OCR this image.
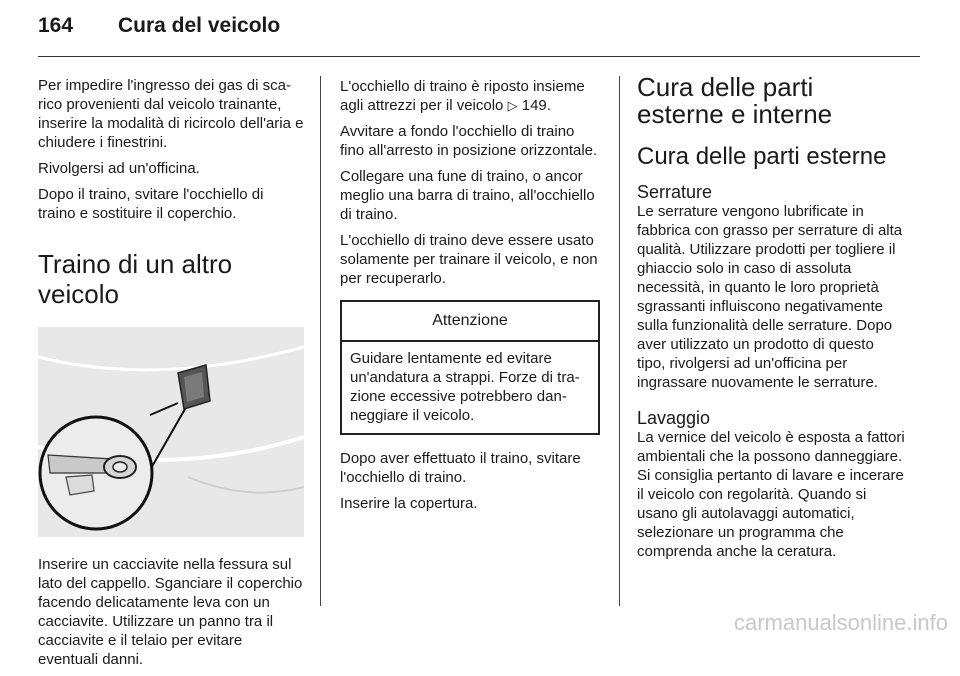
164 Cura del veicolo

Per impedire l'ingresso dei gas di scarico provenienti dal veicolo trainante, inserire la modalità di ricircolo dell'aria e chiudere i finestrini.

Rivolgersi ad un'officina.

Dopo il traino, svitare l'occhiello di traino e sostituire il coperchio.

Traino di un altro veicolo

Inserire un cacciavite nella fessura sul lato del cappello. Sganciare il coperchio facendo delicatamente leva con un cacciavite. Utilizzare un panno tra il cacciavite e il telaio per evitare eventuali danni.

L'occhiello di traino è riposto insieme agli attrezzi per il veicolo ▷ 149.

Avvitare a fondo l'occhiello di traino fino all'arresto in posizione orizzontale.

Collegare una fune di traino, o ancor meglio una barra di traino, all'occhiello di traino.

L'occhiello di traino deve essere usato solamente per trainare il veicolo, e non per recuperarlo.

Attenzione
Guidare lentamente ed evitare un'andatura a strappi. Forze di trazione eccessive potrebbero danneggiare il veicolo.

Dopo aver effettuato il traino, svitare l'occhiello di traino.

Inserire la copertura.

Cura delle parti esterne e interne
Cura delle parti esterne
Serrature

Le serrature vengono lubrificate in fabbrica con grasso per serrature di alta qualità. Utilizzare prodotti per togliere il ghiaccio solo in caso di assoluta necessità, in quanto le loro proprietà sgrassanti influiscono negativamente sulla funzionalità delle serrature. Dopo aver utilizzato un prodotto di questo tipo, rivolgersi ad un'officina per ingrassare nuovamente le serrature.

Lavaggio

La vernice del veicolo è esposta a fattori ambientali che la possono danneggiare. Si consiglia pertanto di lavare e incerare il veicolo con regolarità. Quando si usano gli autolavaggi automatici, selezionare un programma che comprenda anche la ceratura.

carmanualsonline.info
